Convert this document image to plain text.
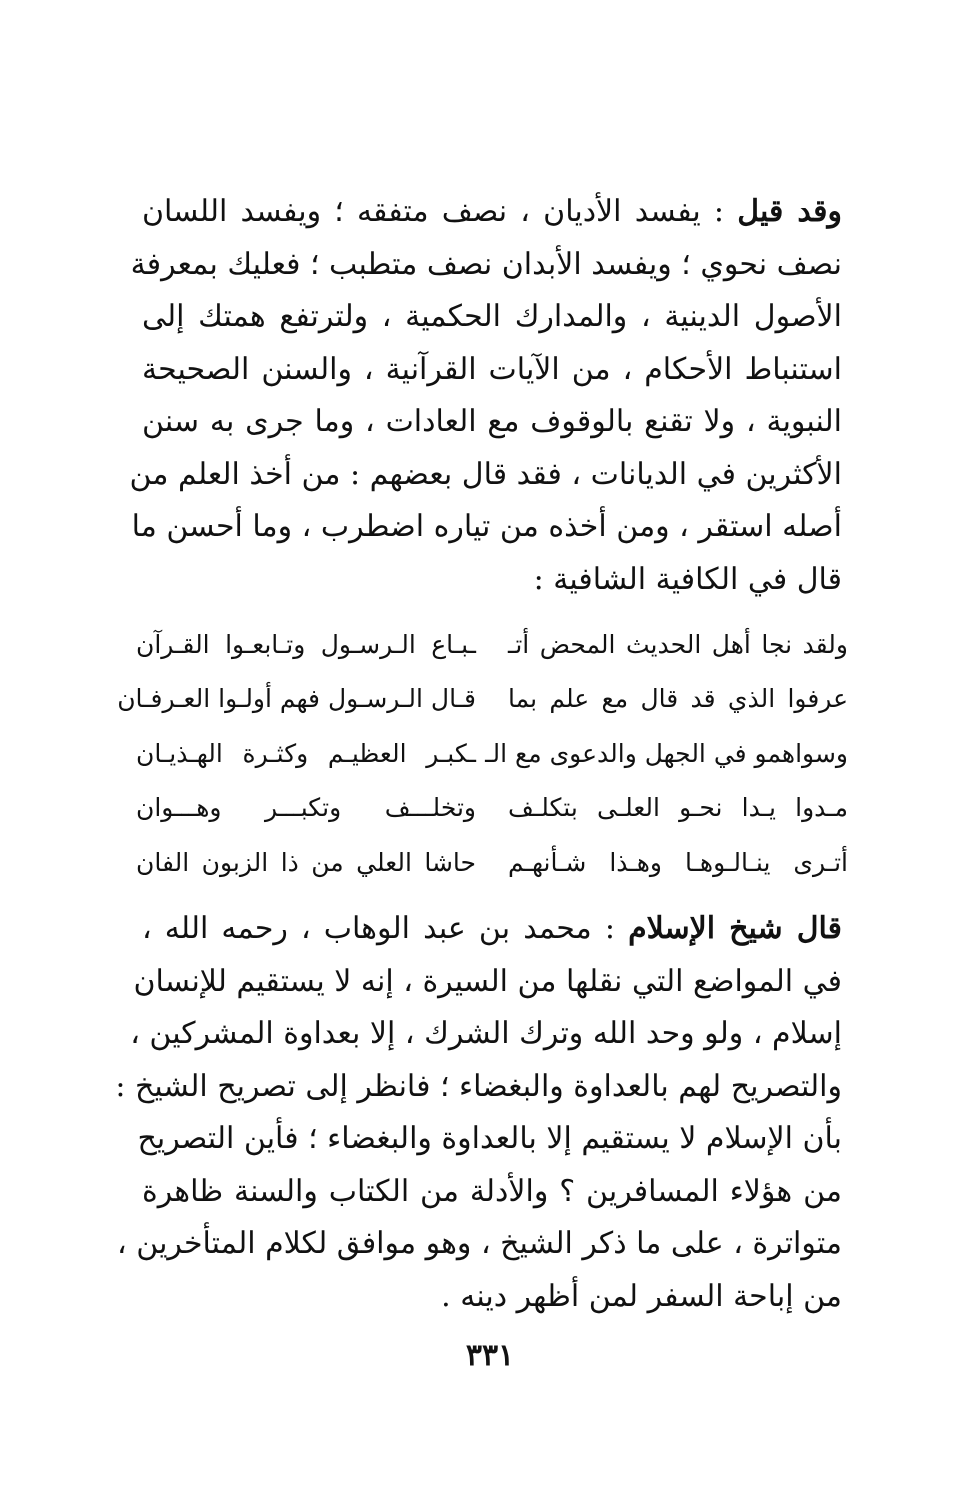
وقد قيل : يفسد الأديان ، نصف متفقه ؛ ويفسد اللسان
نصف نحوي ؛ ويفسد الأبدان نصف متطبب ؛ فعليك بمعرفة
الأصول الدينية ، والمدارك الحكمية ، ولترتفع همتك إلى
استنباط الأحكام ، من الآيات القرآنية ، والسنن الصحيحة
النبوية ، ولا تقنع بالوقوف مع العادات ، وما جرى به سنن
الأكثرين في الديانات ، فقد قال بعضهم : من أخذ العلم من
أصله استقر ، ومن أخذه من تياره اضطرب ، وما أحسن ما
قال في الكافية الشافية :
ولقد نجا أهل الحديث المحض أتـ
ـبـاع الـرسـول وتـابعـوا القـرآن
عرفوا الذي قد قال مع علم بما
قـال الـرسـول فهم أولـوا العـرفـان
وسواهمو في الجهل والدعوى مع الـ
ـكبـر العظيـم وكثـرة الهـذيـان
مـدوا يـدا نحـو العلـى بتكلـف
وتخلـــف وتكبـــر وهـــوان
أتـرى ينـالـوهـا وهـذا شـأنهـم
حاشا العلي من ذا الزبون الفان
قال شيخ الإسلام : محمد بن عبد الوهاب ، رحمه الله ،
في المواضع التي نقلها من السيرة ، إنه لا يستقيم للإنسان
إسلام ، ولو وحد الله وترك الشرك ، إلا بعداوة المشركين ،
والتصريح لهم بالعداوة والبغضاء ؛ فانظر إلى تصريح الشيخ :
بأن الإسلام لا يستقيم إلا بالعداوة والبغضاء ؛ فأين التصريح
من هؤلاء المسافرين ؟ والأدلة من الكتاب والسنة ظاهرة
متواترة ، على ما ذكر الشيخ ، وهو موافق لكلام المتأخرين ،
من إباحة السفر لمن أظهر دينه .
٣٣١
